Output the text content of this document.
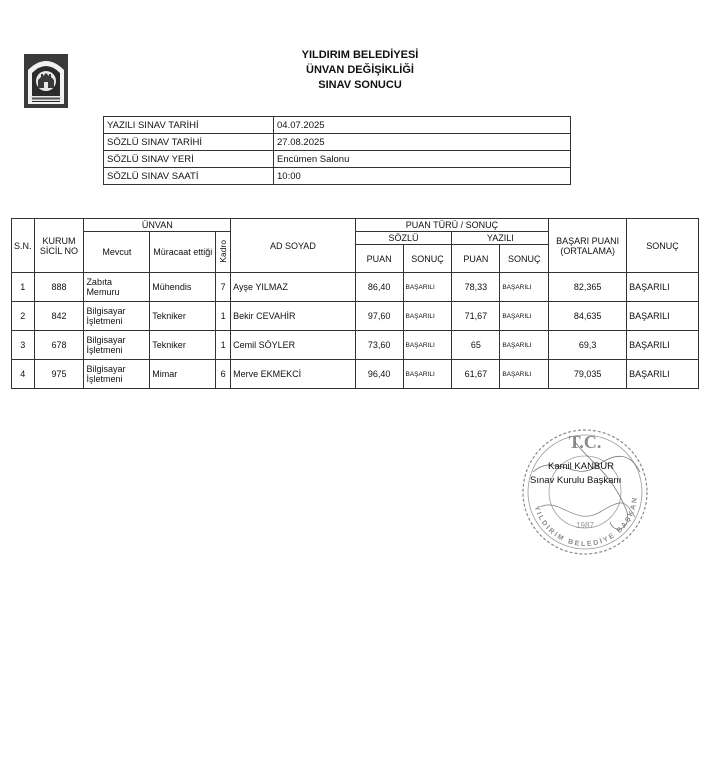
YILDIRIM BELEDİYESİ
ÜNVAN DEĞİŞİKLİĞİ
SINAV SONUCU
YAZILI SINAV TARİHİ	04.07.2025
SÖZLÜ SINAV TARİHİ	27.08.2025
SÖZLÜ SINAV YERİ	Encümen Salonu
SÖZLÜ SINAV SAATİ	10:00
S.N.	KURUM SİCİL NO	ÜNVAN			AD SOYAD	PUAN TÜRÜ / SONUÇ				BAŞARI PUANI (ORTALAMA)	SONUÇ
		Mevcut	Müracaat ettiği	Kadro		SÖZLÜ		YAZILI			
						PUAN	SONUÇ	PUAN	SONUÇ		
1	888	Zabıta Memuru	Mühendis	7	Ayşe YILMAZ	86,40	BAŞARILI	78,33	BAŞARILI	82,365	BAŞARILI
2	842	Bilgisayar İşletmeni	Tekniker	1	Bekir CEVAHİR	97,60	BAŞARILI	71,67	BAŞARILI	84,635	BAŞARILI
3	678	Bilgisayar İşletmeni	Tekniker	1	Cemil SÖYLER	73,60	BAŞARILI	65	BAŞARILI	69,3	BAŞARILI
4	975	Bilgisayar İşletmeni	Mimar	6	Merve EKMEKCİ	96,40	BAŞARILI	61,67	BAŞARILI	79,035	BAŞARILI
T.C.
YILDIRIM BELEDİYE BAŞKAN
1987
Kamil KANBUR
Sınav Kurulu Başkanı
